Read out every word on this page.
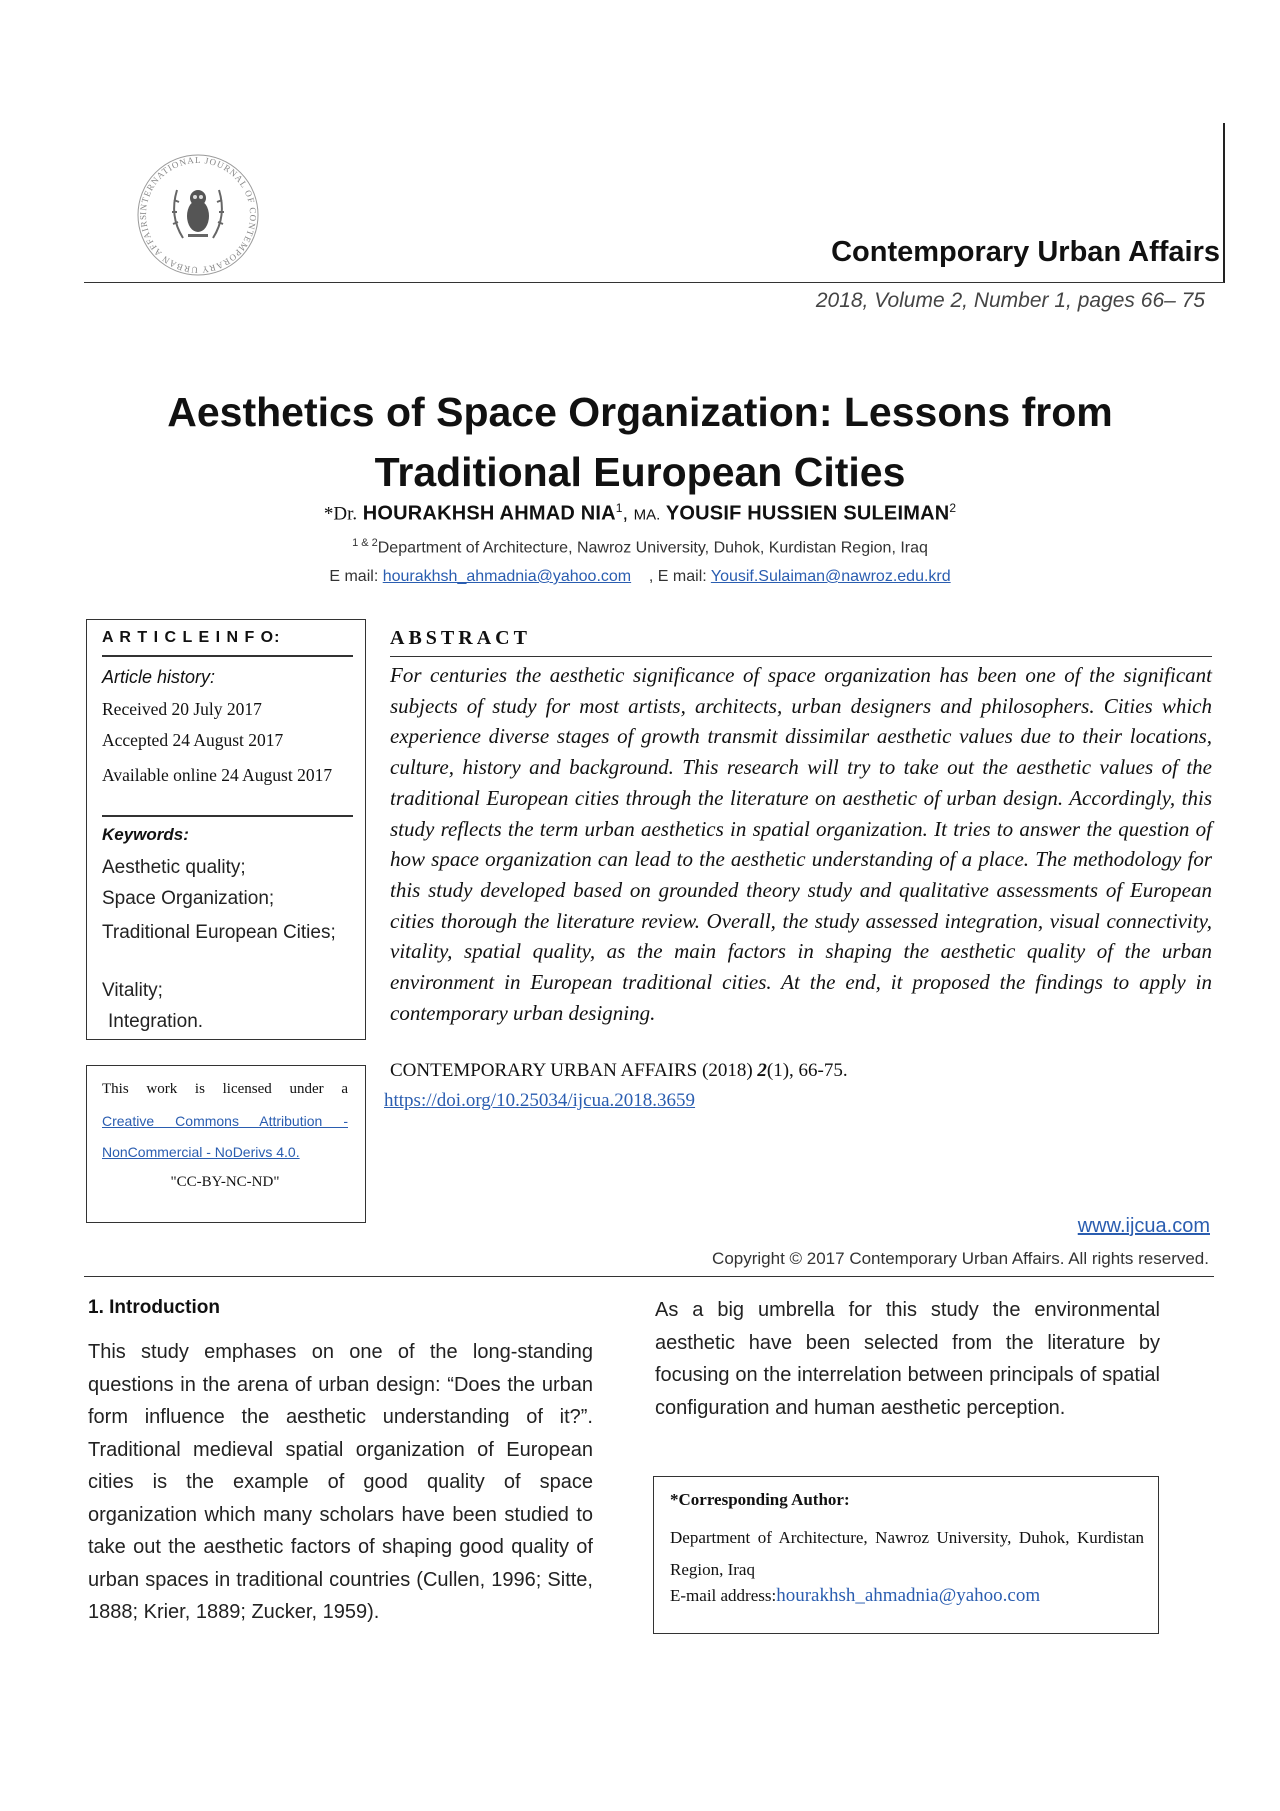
INTERNATIONAL JOURNAL OF CONTEMPORARY URBAN AFFAIRS
Contemporary Urban Affairs
2018, Volume 2, Number 1, pages 66– 75
Aesthetics of Space Organization: Lessons from Traditional European Cities
*Dr. HOURAKHSH AHMAD NIA$^1$, MA. YOUSIF HUSSIEN SULEIMAN$^2$
$^{1 \& 2}$Department of Architecture, Nawroz University, Duhok, Kurdistan Region, Iraq
E mail: hourakhsh_ahmadnia@yahoo.com , E mail: Yousif.Sulaiman@nawroz.edu.krd
A R T I C L E I N F O:
Article history:
Received 20 July 2017
Accepted 24 August 2017
Available online 24 August 2017
Keywords:
Aesthetic quality;
Space Organization;
Traditional European Cities;
Vitality;
Integration.
This work is licensed under a
Creative Commons Attribution -
NonCommercial - NoDerivs 4.0.
"CC-BY-NC-ND"
ABSTRACT
For centuries the aesthetic significance of space organization has been one of the significant subjects of study for most artists, architects, urban designers and philosophers. Cities which experience diverse stages of growth transmit dissimilar aesthetic values due to their locations, culture, history and background. This research will try to take out the aesthetic values of the traditional European cities through the literature on aesthetic of urban design. Accordingly, this study reflects the term urban aesthetics in spatial organization. It tries to answer the question of how space organization can lead to the aesthetic understanding of a place. The methodology for this study developed based on grounded theory study and qualitative assessments of European cities thorough the literature review. Overall, the study assessed integration, visual connectivity, vitality, spatial quality, as the main factors in shaping the aesthetic quality of the urban environment in European traditional cities. At the end, it proposed the findings to apply in contemporary urban designing.
CONTEMPORARY URBAN AFFAIRS (2018) 2(1), 66-75.
https://doi.org/10.25034/ijcua.2018.3659
www.ijcua.com
Copyright © 2017 Contemporary Urban Affairs. All rights reserved.
1. Introduction
This study emphases on one of the long-standing questions in the arena of urban design: “Does the urban form influence the aesthetic understanding of it?”. Traditional medieval spatial organization of European cities is the example of good quality of space organization which many scholars have been studied to take out the aesthetic factors of shaping good quality of urban spaces in traditional countries (Cullen, 1996; Sitte, 1888; Krier, 1889; Zucker, 1959).
As a big umbrella for this study the environmental aesthetic have been selected from the literature by focusing on the interrelation between principals of spatial configuration and human aesthetic perception.
*Corresponding Author:
Department of Architecture, Nawroz University, Duhok, Kurdistan Region, Iraq
E-mail address:hourakhsh_ahmadnia@yahoo.com
